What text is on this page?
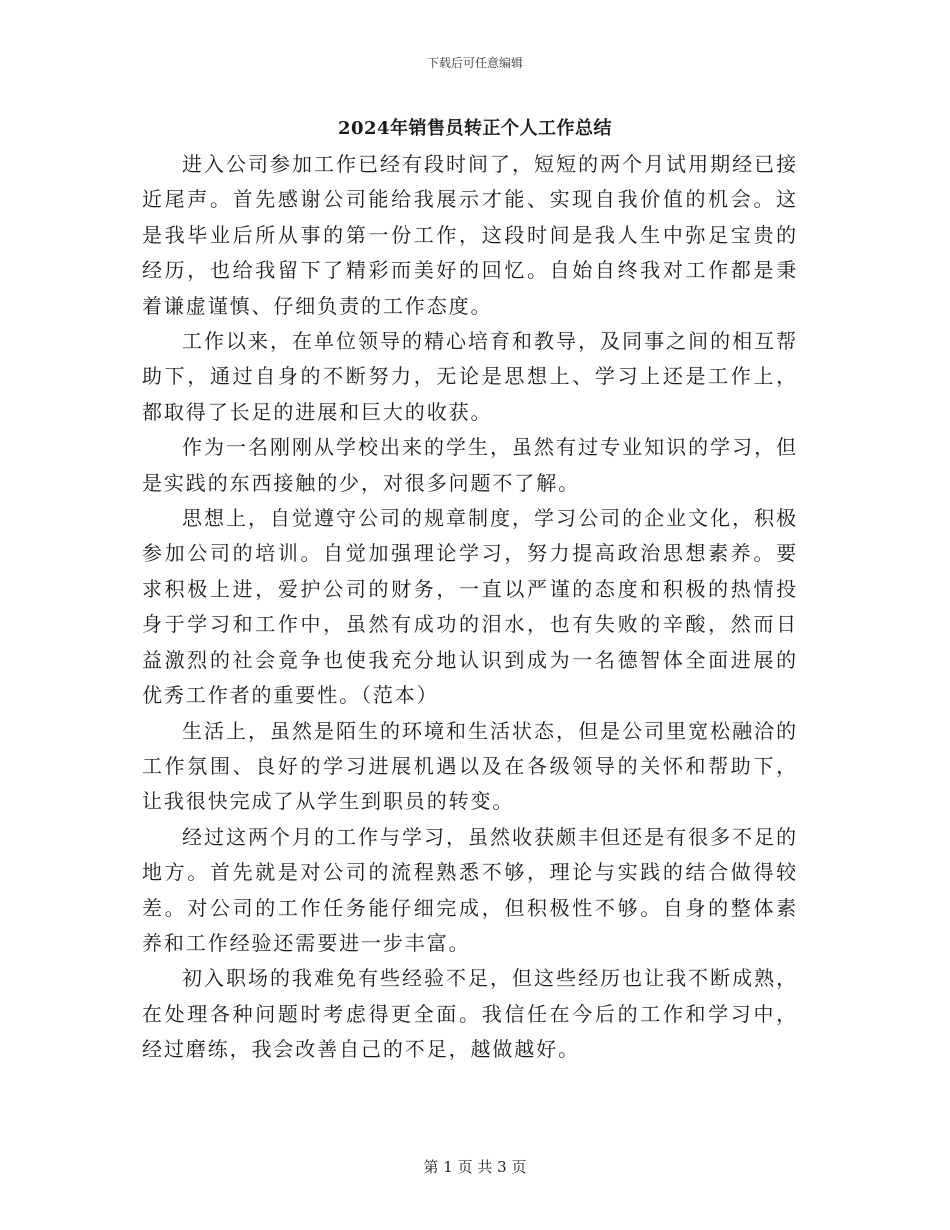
下载后可任意编辑
2024年销售员转正个人工作总结

进入公司参加工作已经有段时间了，短短的两个月试用期经已接近尾声。首先感谢公司能给我展示才能、实现自我价值的机会。这是我毕业后所从事的第一份工作，这段时间是我人生中弥足宝贵的经历，也给我留下了精彩而美好的回忆。自始自终我对工作都是秉着谦虚谨慎、仔细负责的工作态度。

工作以来，在单位领导的精心培育和教导，及同事之间的相互帮助下，通过自身的不断努力，无论是思想上、学习上还是工作上，都取得了长足的进展和巨大的收获。

作为一名刚刚从学校出来的学生，虽然有过专业知识的学习，但是实践的东西接触的少，对很多问题不了解。

思想上，自觉遵守公司的规章制度，学习公司的企业文化，积极参加公司的培训。自觉加强理论学习，努力提高政治思想素养。要求积极上进，爱护公司的财务，一直以严谨的态度和积极的热情投身于学习和工作中，虽然有成功的泪水，也有失败的辛酸，然而日益激烈的社会竟争也使我充分地认识到成为一名德智体全面进展的优秀工作者的重要性。（范本）

生活上，虽然是陌生的环境和生活状态，但是公司里宽松融洽的工作氛围、良好的学习进展机遇以及在各级领导的关怀和帮助下，让我很快完成了从学生到职员的转变。

经过这两个月的工作与学习，虽然收获颇丰但还是有很多不足的地方。首先就是对公司的流程熟悉不够，理论与实践的结合做得较差。对公司的工作任务能仔细完成，但积极性不够。自身的整体素养和工作经验还需要进一步丰富。

初入职场的我难免有些经验不足，但这些经历也让我不断成熟，在处理各种问题时考虑得更全面。我信任在今后的工作和学习中，经过磨练，我会改善自己的不足，越做越好。

第 1 页 共 3 页
